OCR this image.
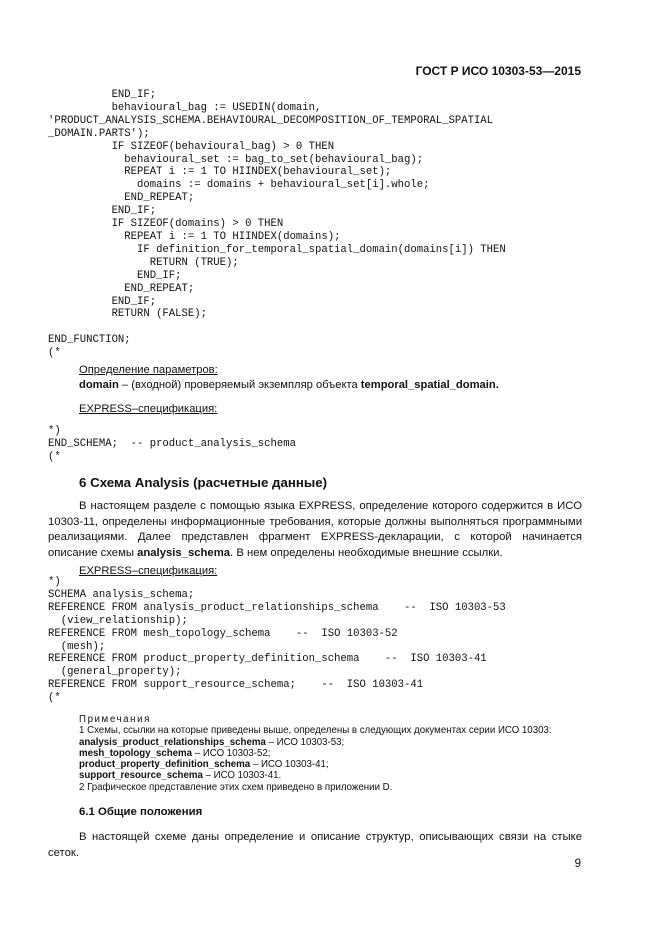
ГОСТ Р ИСО 10303-53—2015
END_IF;
behavioural_bag := USEDIN(domain,
'PRODUCT_ANALYSIS_SCHEMA.BEHAVIOURAL_DECOMPOSITION_OF_TEMPORAL_SPATIAL
_DOMAIN.PARTS');
IF SIZEOF(behavioural_bag) > 0 THEN
behavioural_set := bag_to_set(behavioural_bag);
REPEAT i := 1 TO HIINDEX(behavioural_set);
domains := domains + behavioural_set[i].whole;
END_REPEAT;
END_IF;
IF SIZEOF(domains) > 0 THEN
REPEAT i := 1 TO HIINDEX(domains);
IF definition_for_temporal_spatial_domain(domains[i]) THEN
RETURN (TRUE);
END_IF;
END_REPEAT;
END_IF;
RETURN (FALSE);

END_FUNCTION;
(*
Определение параметров:
domain – (входной) проверяемый экземпляр объекта temporal_spatial_domain.
EXPRESS–спецификация:
*)
END_SCHEMA;  -- product_analysis_schema
(*
6 Схема Analysis (расчетные данные)

В настоящем разделе с помощью языка EXPRESS, определение которого содержится в ИСО 10303-11, определены информационные требования, которые должны выполняться программными реализациями. Далее представлен фрагмент EXPRESS-декларации, с которой начинается описание схемы analysis_schema. В нем определены необходимые внешние ссылки.

EXPRESS–спецификация:
*)
SCHEMA analysis_schema;
REFERENCE FROM analysis_product_relationships_schema    --  ISO 10303-53
(view_relationship);
REFERENCE FROM mesh_topology_schema    --  ISO 10303-52
(mesh);
REFERENCE FROM product_property_definition_schema    --  ISO 10303-41
(general_property);
REFERENCE FROM support_resource_schema;    --  ISO 10303-41
(*
Примечания
1 Схемы, ссылки на которые приведены выше, определены в следующих документах серии ИСО 10303:
analysis_product_relationships_schema – ИСО 10303-53;
mesh_topology_schema – ИСО 10303-52;
product_property_definition_schema – ИСО 10303-41;
support_resource_schema – ИСО 10303-41.
2 Графическое представление этих схем приведено в приложении D.
6.1 Общие положения

В настоящей схеме даны определение и описание структур, описывающих связи на стыке сеток.

9
